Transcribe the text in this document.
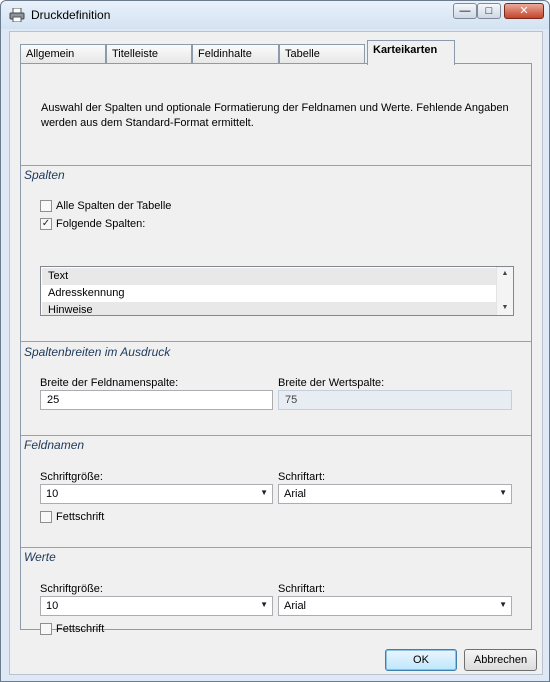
Druckdefinition	— □ ✕
Allgemein	Titelleiste	Feldinhalte	Tabelle	Karteikarten
Auswahl der Spalten und optionale Formatierung der Feldnamen und Werte. Fehlende Angaben werden aus dem Standard-Format ermittelt.
Spalten
Alle Spalten der Tabelle
✓ Folgende Spalten:
Text
Adresskennung
Hinweise
▲
▼
Spaltenbreiten im Ausdruck
Breite der Feldnamenspalte:
25
Breite der Wertspalte:
75
Feldnamen
Schriftgröße:
10	▼
Schriftart:
Arial	▼
Fettschrift
Werte
Schriftgröße:
10	▼
Schriftart:
Arial	▼
Fettschrift
OK	Abbrechen
